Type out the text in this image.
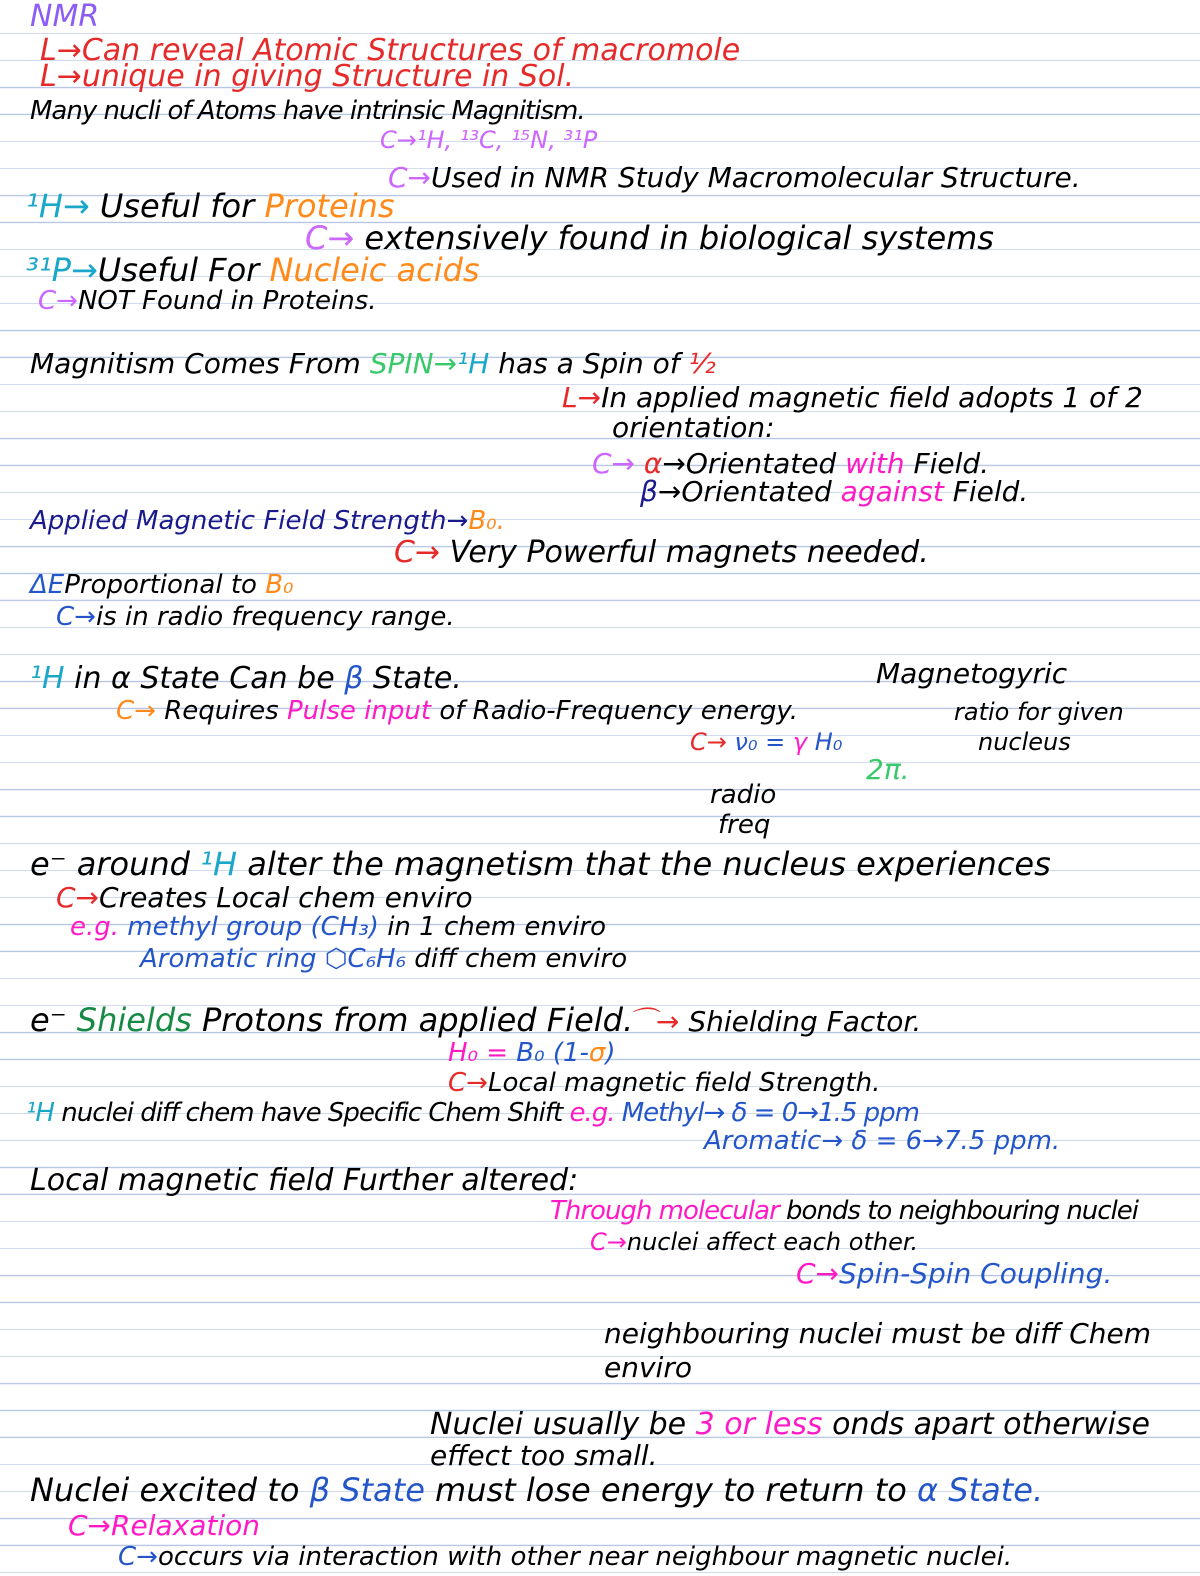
NMR
L→Can reveal Atomic Structures of macromole
L→unique in giving Structure in Sol.
Many nucli of Atoms have intrinsic Magnitism.
C→¹H, ¹³C, ¹⁵N, ³¹P
C→Used in NMR Study Macromolecular Structure.
¹H→ Useful for Proteins
C→ extensively found in biological systems
³¹P→Useful For Nucleic acids
C→NOT Found in Proteins.
Magnitism Comes From SPIN→¹H has a Spin of ½
L→In applied magnetic field adopts 1 of 2
orientation:
C→ α→Orientated with Field.
β→Orientated against Field.
Applied Magnetic Field Strength→B₀.
C→ Very Powerful magnets needed.
ΔEProportional to B₀
C→is in radio frequency range.
¹H in α State Can be β State.	Magnetogyric
ratio for given
nucleus
C→ Requires Pulse input of Radio-Frequency energy.
C→ ν₀ = γ H₀
2π.
radio
freq
e⁻ around ¹H alter the magnetism that the nucleus experiences
C→Creates Local chem enviro
e.g. methyl group (CH₃) in 1 chem enviro
Aromatic ring ⬡C₆H₆ diff chem enviro
e⁻ Shields Protons from applied Field.
⌒→ Shielding Factor.
H₀ = B₀ (1-σ)
C→Local magnetic field Strength.
¹H nuclei diff chem have Specific Chem Shift e.g. Methyl→ δ = 0→1.5 ppm
Aromatic→ δ = 6→7.5 ppm.
Local magnetic field Further altered:
Through molecular bonds to neighbouring nuclei
C→nuclei affect each other.
C→Spin-Spin Coupling.
neighbouring nuclei must be diff Chem
enviro
Nuclei usually be 3 or less onds apart otherwise
effect too small.
Nuclei excited to β State must lose energy to return to α State.
C→Relaxation
C→occurs via interaction with other near neighbour magnetic nuclei.
